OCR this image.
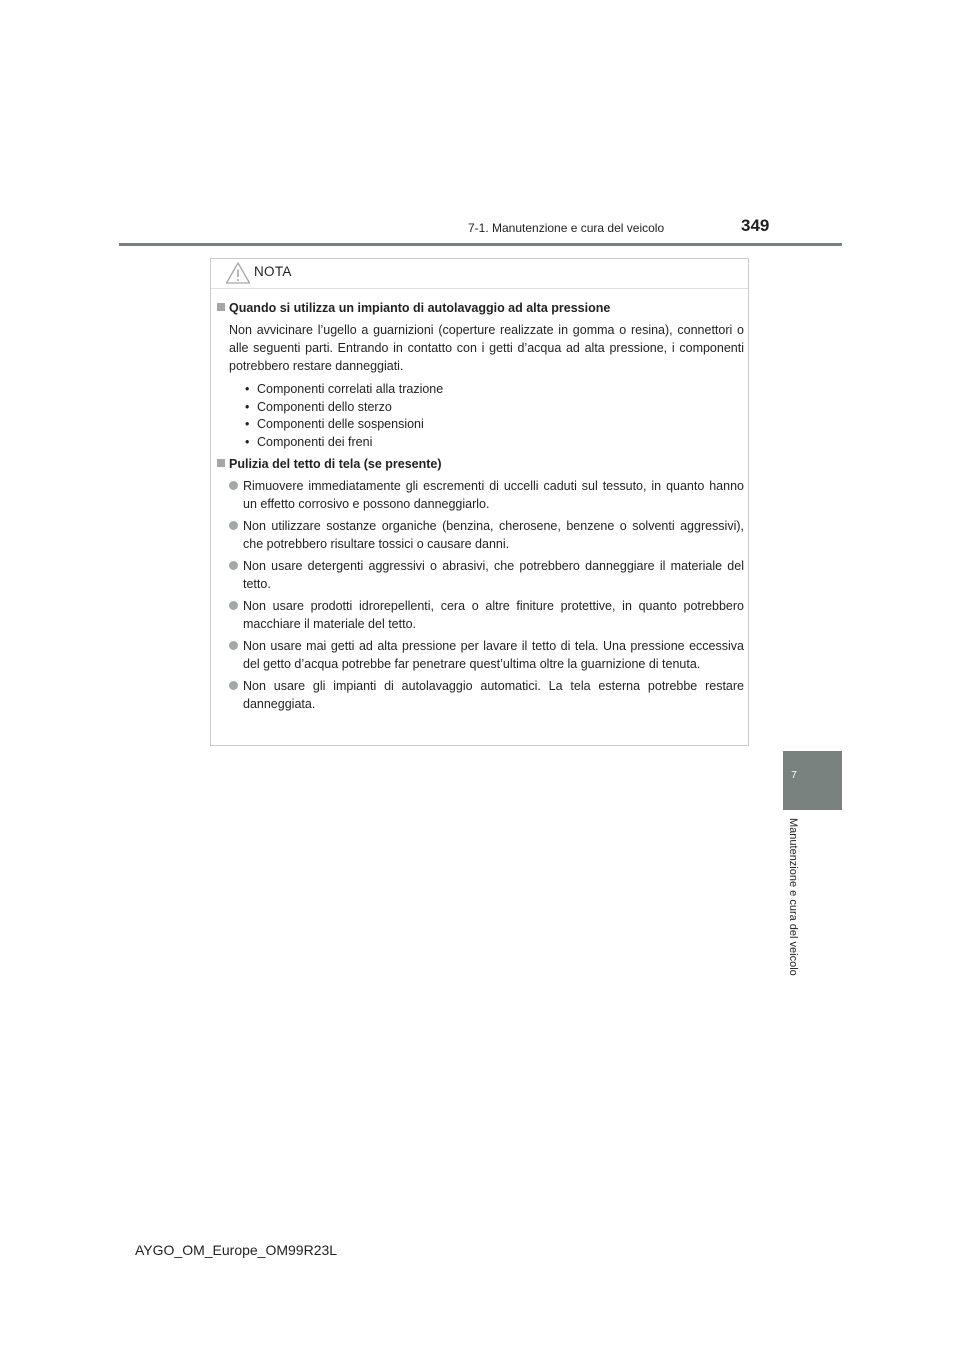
7-1. Manutenzione e cura del veicolo	349
7
Manutenzione e cura del veicolo
NOTA
Quando si utilizza un impianto di autolavaggio ad alta pressione
Non avvicinare l’ugello a guarnizioni (coperture realizzate in gomma o resina), connettori o alle seguenti parti. Entrando in contatto con i getti d’acqua ad alta pressione, i componenti potrebbero restare danneggiati.
• Componenti correlati alla trazione
• Componenti dello sterzo
• Componenti delle sospensioni
• Componenti dei freni
Pulizia del tetto di tela (se presente)
Rimuovere immediatamente gli escrementi di uccelli caduti sul tessuto, in quanto hanno un effetto corrosivo e possono danneggiarlo.
Non utilizzare sostanze organiche (benzina, cherosene, benzene o solventi aggressivi), che potrebbero risultare tossici o causare danni.
Non usare detergenti aggressivi o abrasivi, che potrebbero danneggiare il materiale del tetto.
Non usare prodotti idrorepellenti, cera o altre finiture protettive, in quanto potrebbero macchiare il materiale del tetto.
Non usare mai getti ad alta pressione per lavare il tetto di tela. Una pressione eccessiva del getto d’acqua potrebbe far penetrare quest’ultima oltre la guarnizione di tenuta.
Non usare gli impianti di autolavaggio automatici. La tela esterna potrebbe restare danneggiata.
AYGO_OM_Europe_OM99R23L
